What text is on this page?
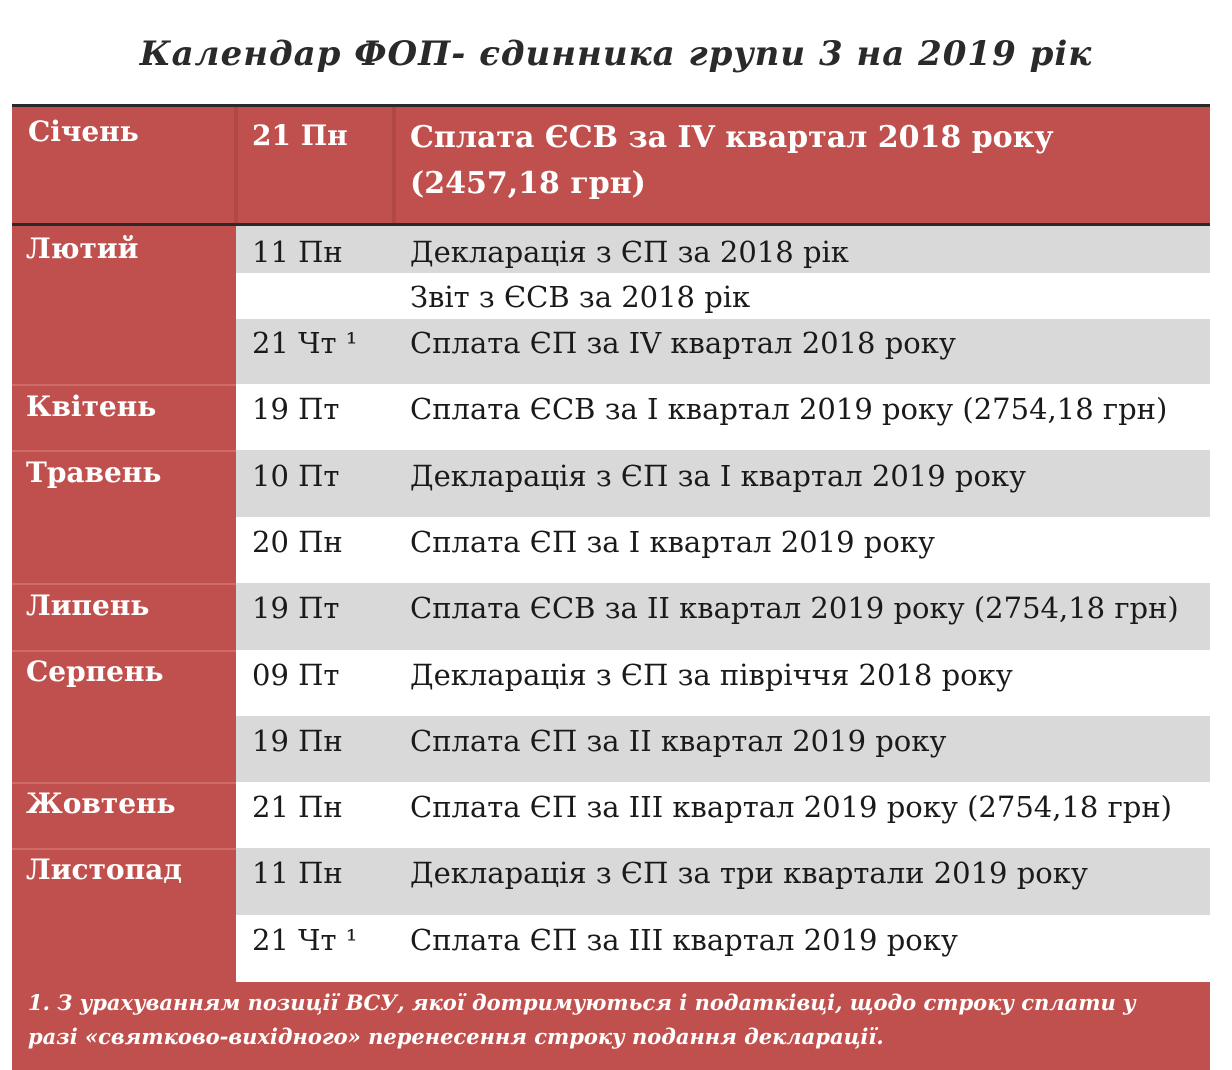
Календар ФОП- єдинника групи 3 на 2019 рік
Січень	21 Пн Сплата ЄСВ за IV квартал 2018 року (2457,18 грн)
Лютий
Квітень
Травень
Липень
Серпень
Жовтень
Листопад
11 Пн Декларація з ЄП за 2018 рік
Звіт з ЄСВ за 2018 рік
21 Чт ¹ Сплата ЄП за IV квартал 2018 року
19 Пт Сплата ЄСВ за I квартал 2019 року (2754,18 грн)
10 Пт Декларація з ЄП за I квартал 2019 року
20 Пн Сплата ЄП за I квартал 2019 року
19 Пт Сплата ЄСВ за II квартал 2019 року (2754,18 грн)
09 Пт Декларація з ЄП за півріччя 2018 року
19 Пн Сплата ЄП за II квартал 2019 року
21 Пн Сплата ЄП за III квартал 2019 року (2754,18 грн)
11 Пн Декларація з ЄП за три квартали 2019 року
21 Чт ¹ Сплата ЄП за III квартал 2019 року
1. З урахуванням позиції ВСУ, якої дотримуються і податківці, щодо строку сплати у разі «святково-вихідного» перенесення строку подання декларації.
